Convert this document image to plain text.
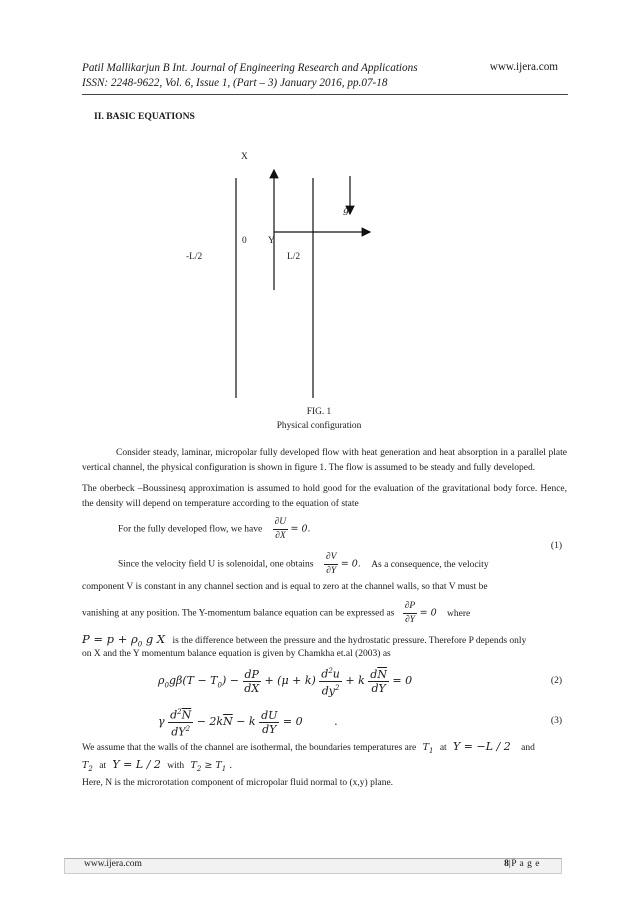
Patil Mallikarjun B Int. Journal of Engineering Research and Applications
ISSN: 2248-9622, Vol. 6, Issue 1, (Part – 3) January 2016, pp.07-18
www.ijera.com
II. BASIC EQUATIONS
X
g
0 Y
-L/2	L/2
FIG. 1
Physical configuration
Consider steady, laminar, micropolar fully developed flow with heat generation and heat absorption in a parallel plate vertical channel, the physical configuration is shown in figure 1. The flow is assumed to be steady and fully developed.
The oberbeck –Boussinesq approximation is assumed to hold good for the evaluation of the gravitational body force. Hence, the density will depend on temperature according to the equation of state
For the fully developed flow, we have $\frac{\partial U}{\partial X} = 0$.
(1)
Since the velocity field U is solenoidal, one obtains $\frac{\partial V}{\partial Y} = 0$. As a consequence, the velocity
component V is constant in any channel section and is equal to zero at the channel walls, so that V must be
vanishing at any position. The Y-momentum balance equation can be expressed as $\frac{\partial P}{\partial Y} = 0$ where
$P = p + \rho_0$ g X is the difference between the pressure and the hydrostatic pressure. Therefore P depends only
on X and the Y momentum balance equation is given by Chamkha et.al (2003) as
$\rho_0g\beta(T - T_0) - \frac{dP}{dX} + (\mu + k) \frac{d^2u}{dy^2} + k \frac{d\overline{N}}{dY} = 0$	(2)
γ $\frac{d^2\overline{N}}{dY^2} - 2k\overline{N} - k \frac{dU}{dY} = 0$	.	(3)
We assume that the walls of the channel are isothermal, the boundaries temperatures are $T_1$ at Y = −L / 2 and
$T_2$ at Y = L / 2 with $T_2 \ge T_1$ .
Here, N is the microrotation component of micropolar fluid normal to (x,y) plane.
www.ijera.com	8|P a g e
